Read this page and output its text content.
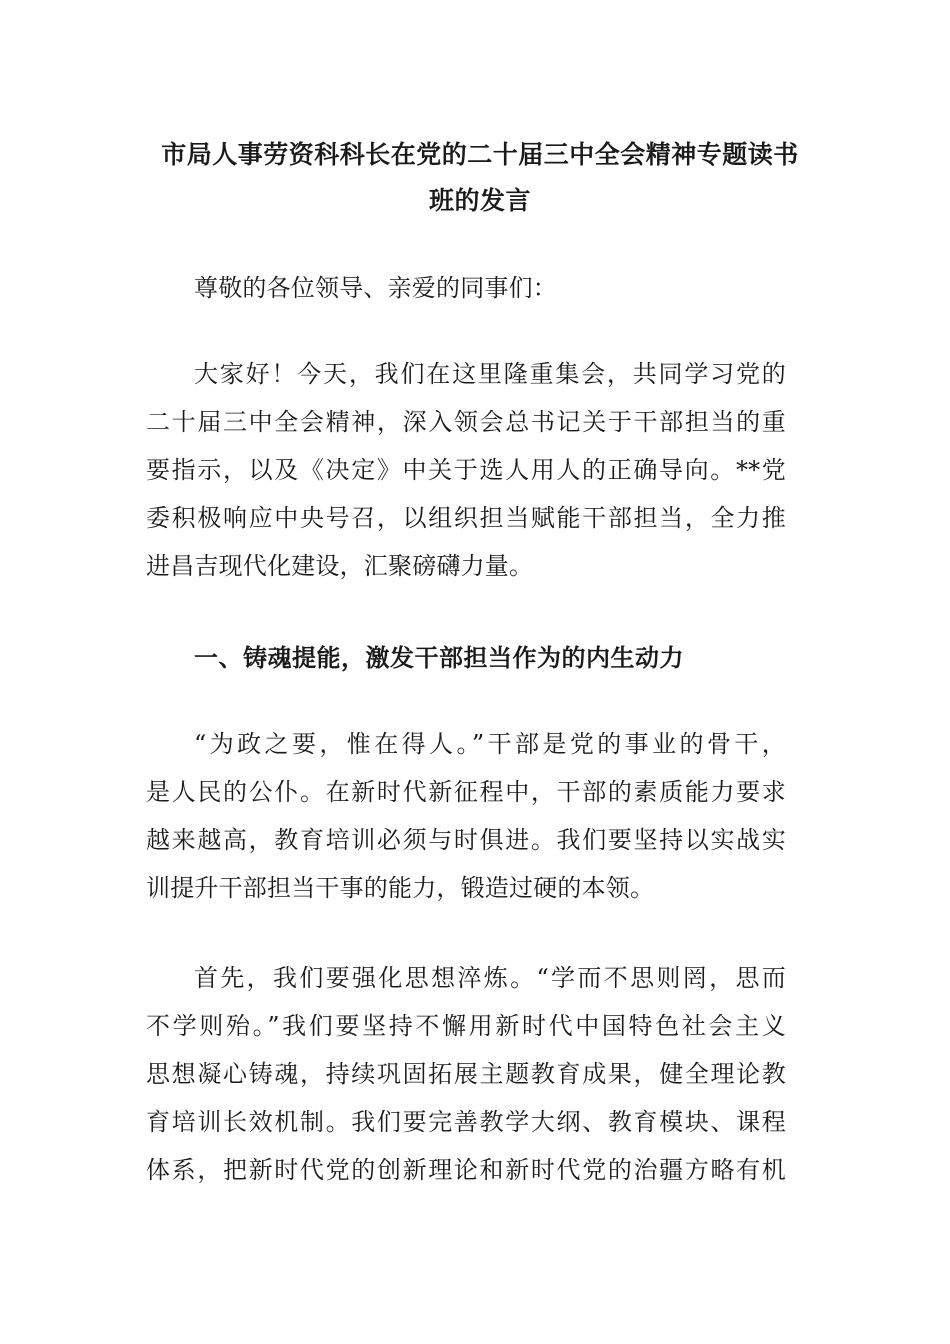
市局人事劳资科科长在党的二十届三中全会精神专题读书
班的发言
尊敬的各位领导、亲爱的同事们：
大家好！今天，我们在这里隆重集会，共同学习党的
二十届三中全会精神，深入领会总书记关于干部担当的重
要指示，以及《决定》中关于选人用人的正确导向。**党
委积极响应中央号召，以组织担当赋能干部担当，全力推
进昌吉现代化建设，汇聚磅礴力量。
一、铸魂提能，激发干部担当作为的内生动力
“为政之要，惟在得人。”干部是党的事业的骨干，
是人民的公仆。在新时代新征程中，干部的素质能力要求
越来越高，教育培训必须与时俱进。我们要坚持以实战实
训提升干部担当干事的能力，锻造过硬的本领。
首先，我们要强化思想淬炼。“学而不思则罔，思而
不学则殆。”我们要坚持不懈用新时代中国特色社会主义
思想凝心铸魂，持续巩固拓展主题教育成果，健全理论教
育培训长效机制。我们要完善教学大纲、教育模块、课程
体系，把新时代党的创新理论和新时代党的治疆方略有机
